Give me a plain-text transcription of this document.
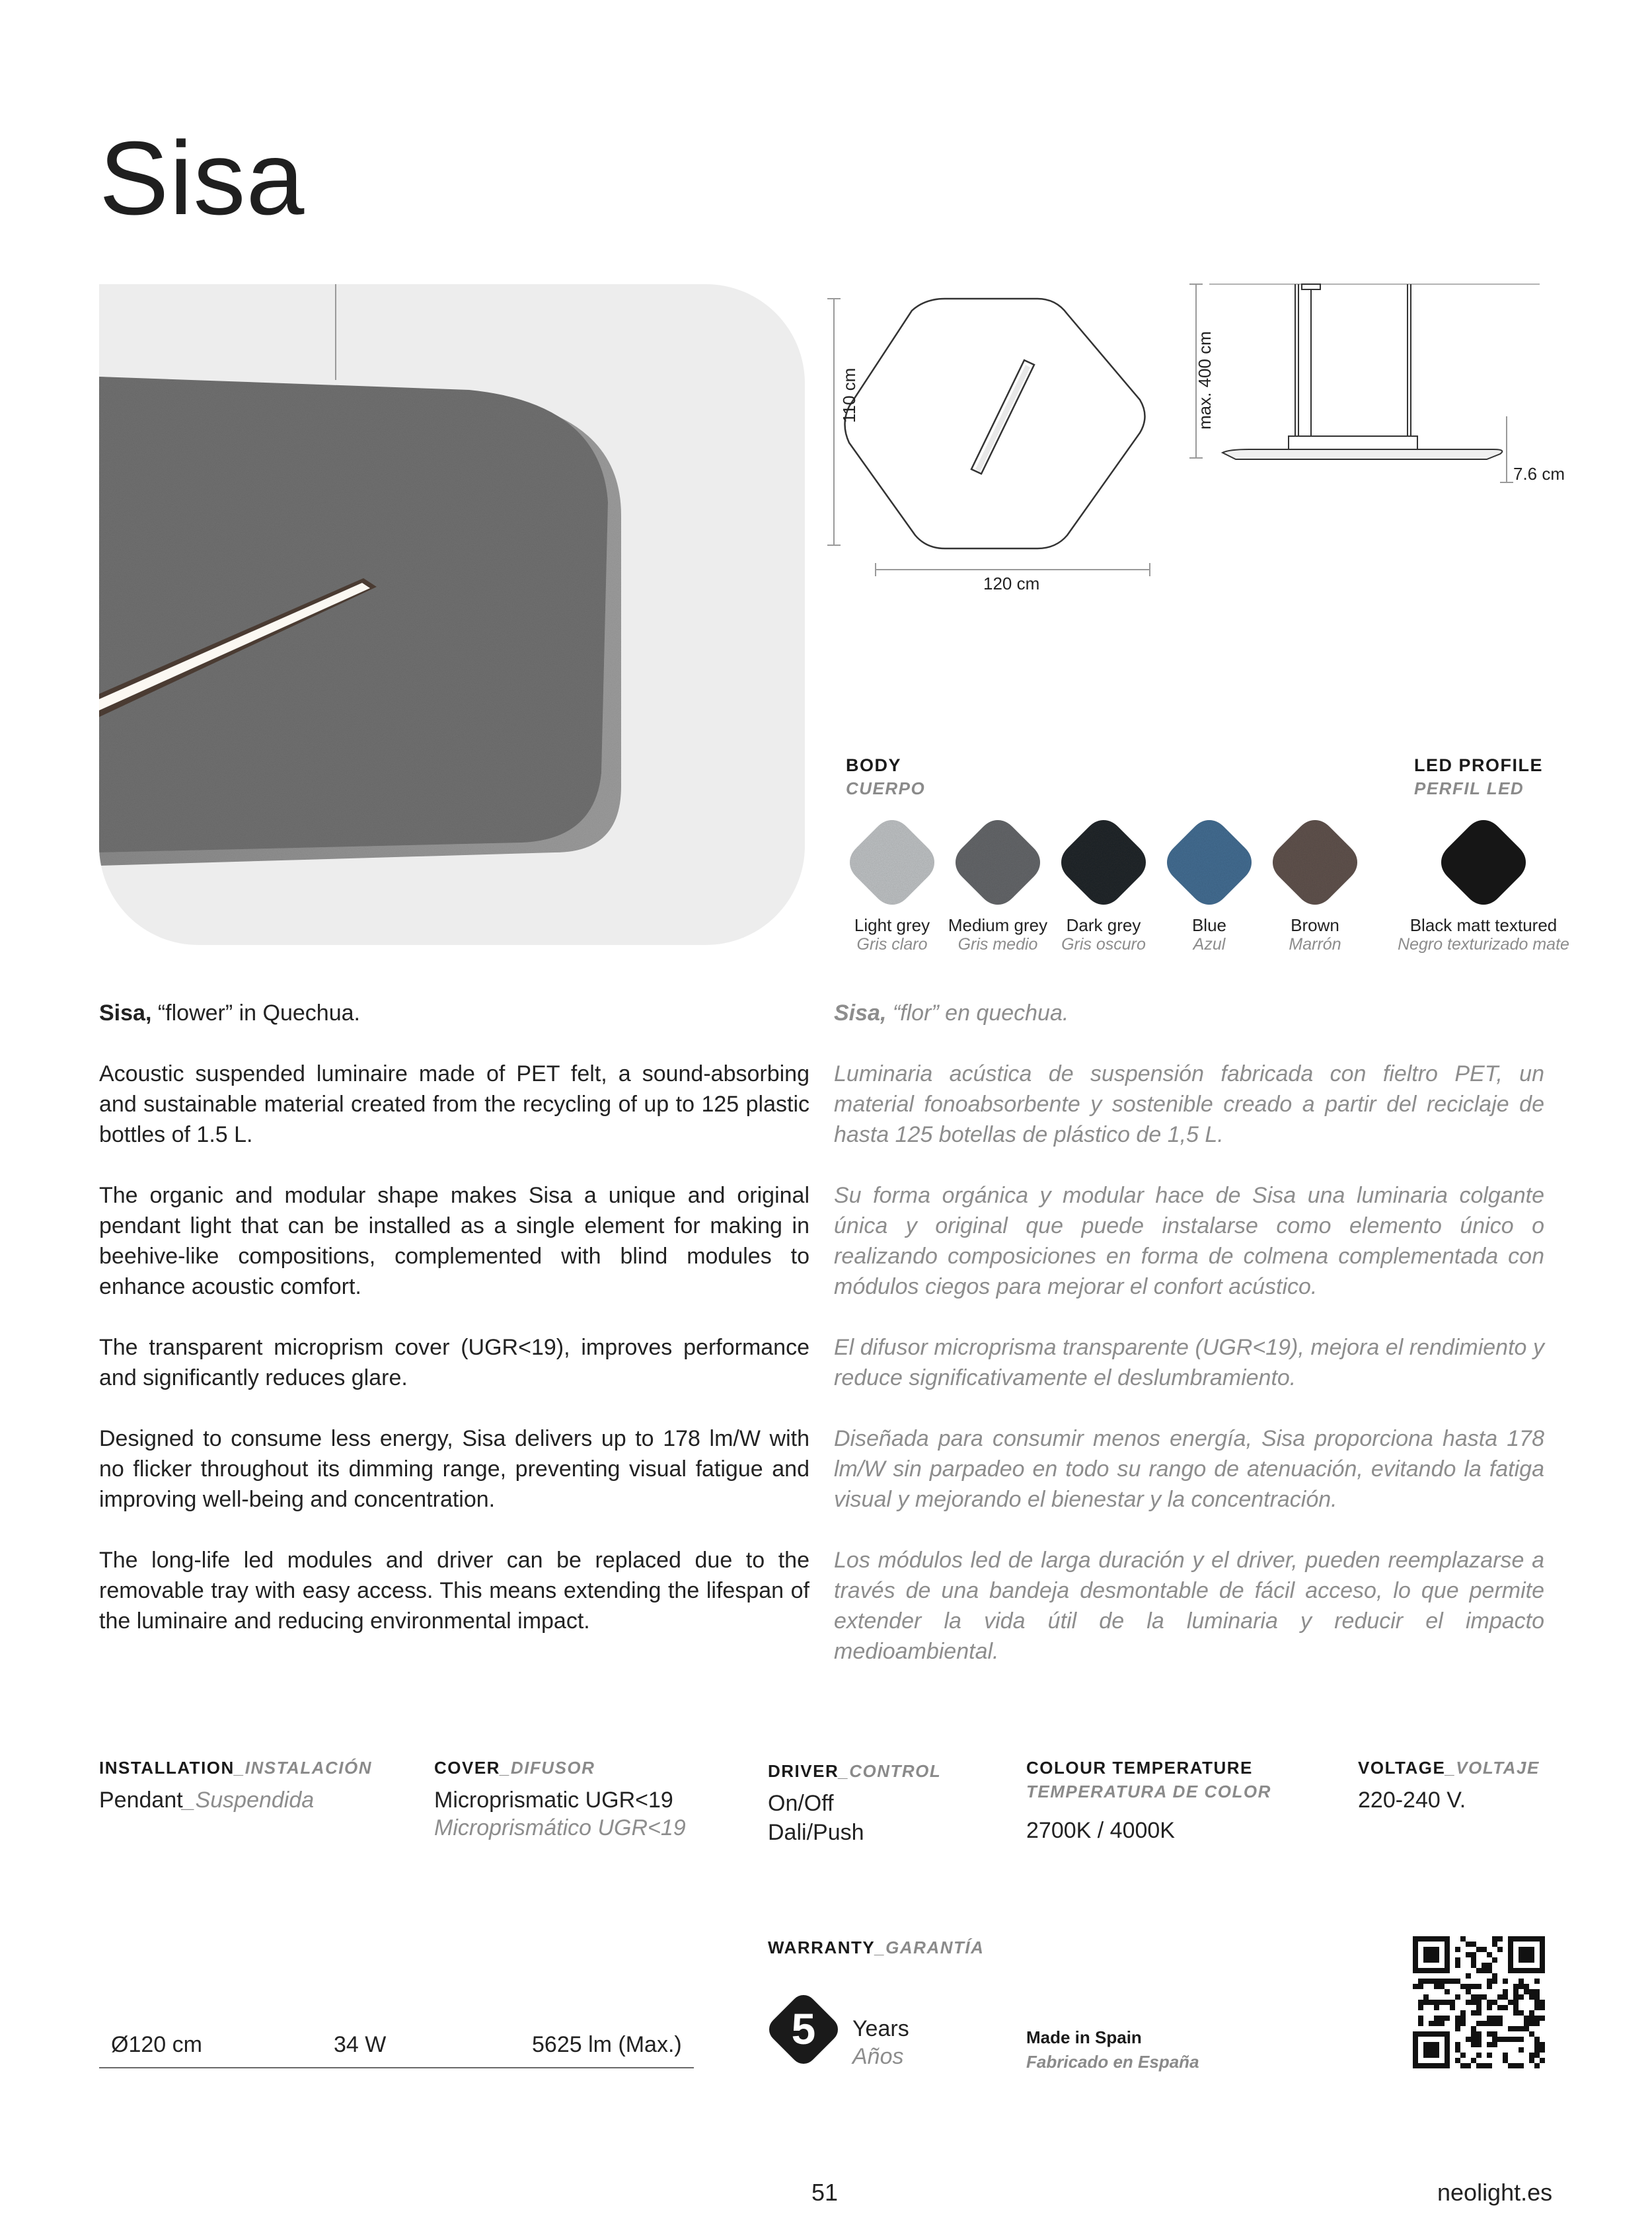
Sisa
110 cm
120 cm
max. 400 cm
7.6 cm
BODY
CUERPO
LED PROFILE
PERFIL LED
Light grey
Gris claro
Medium grey
Gris medio
Dark grey
Gris oscuro
Blue
Azul
Brown
Marrón
Black matt textured
Negro texturizado mate

Sisa, “flower” in Quechua.

Acoustic suspended luminaire made of PET felt, a sound-absorbing and sustainable material created from the recycling of up to 125 plastic bottles of 1.5 L.

The organic and modular shape makes Sisa a unique and original pendant light that can be installed as a single element for making in beehive-like compositions, complemented with blind modules to enhance acoustic comfort.

The transparent microprism cover (UGR<19), improves performance and significantly reduces glare.

Designed to consume less energy, Sisa delivers up to 178 lm/W with no flicker throughout its dimming range, preventing visual fatigue and improving well-being and concentration.

The long-life led modules and driver can be replaced due to the removable tray with easy access. This means extending the lifespan of the luminaire and reducing environmental impact.

Sisa, “flor” en quechua.

Luminaria acústica de suspensión fabricada con fieltro PET, un material fonoabsorbente y sostenible creado a partir del reciclaje de hasta 125 botellas de plástico de 1,5 L.

Su forma orgánica y modular hace de Sisa una luminaria colgante única y original que puede instalarse como elemento único o realizando composiciones en forma de colmena complementada con módulos ciegos para mejorar el confort acústico.

El difusor microprisma transparente (UGR<19), mejora el rendimiento y reduce significativamente el deslumbramiento.

Diseñada para consumir menos energía, Sisa proporciona hasta 178 lm/W sin parpadeo en todo su rango de atenuación, evitando la fatiga visual y mejorando el bienestar y la concentración.

Los módulos led de larga duración y el driver, pueden reemplazarse a través de una bandeja desmontable de fácil acceso, lo que permite extender la vida útil de la luminaria y reducir el impacto medioambiental.

INSTALLATION_INSTALACIÓN
Pendant_Suspendida
COVER_DIFUSOR
Microprismatic UGR<19
Microprismático UGR<19
DRIVER_CONTROL
On/Off
Dali/Push
COLOUR TEMPERATURE
TEMPERATURA DE COLOR
2700K / 4000K
VOLTAGE_VOLTAJE
220-240 V.
WARRANTY_GARANTÍA
5 Years
Años
Made in Spain
Fabricado en España
Ø120 cm	34 W	5625 lm (Max.)
51	neolight.es
